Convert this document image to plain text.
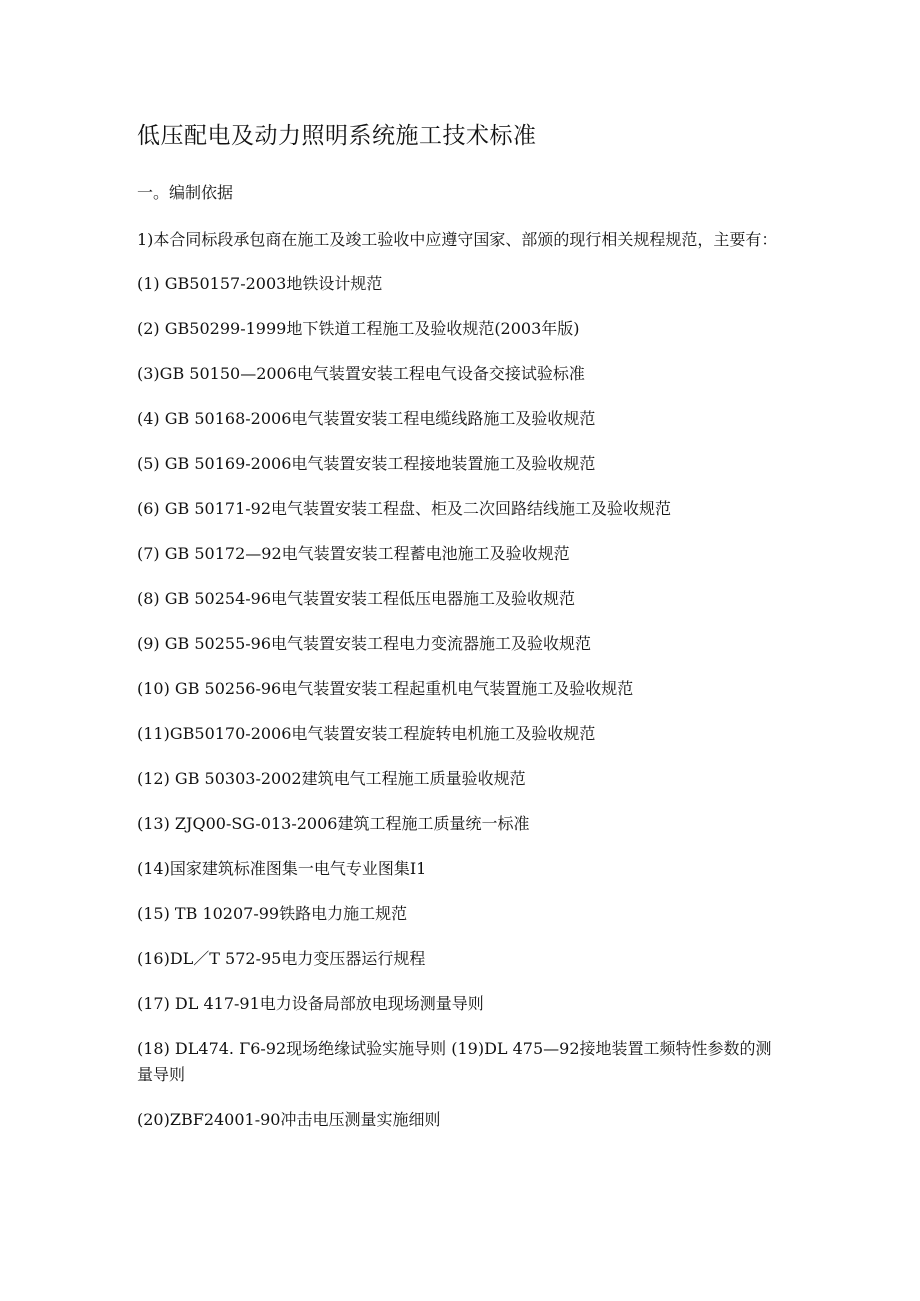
低压配电及动力照明系统施工技术标准
一。编制依据

1)本合同标段承包商在施工及竣工验收中应遵守国家、部颁的现行相关规程规范，主要有：

(1) GB50157-2003地铁设计规范
(2) GB50299-1999地下铁道工程施工及验收规范(2003年版)
(3)GB 50150—2006电气装置安装工程电气设备交接试验标准
(4) GB 50168-2006电气装置安装工程电缆线路施工及验收规范
(5) GB 50169-2006电气装置安装工程接地装置施工及验收规范
(6) GB 50171-92电气装置安装工程盘、柜及二次回路结线施工及验收规范
(7) GB 50172—92电气装置安装工程蓄电池施工及验收规范
(8) GB 50254-96电气装置安装工程低压电器施工及验收规范
(9) GB 50255-96电气装置安装工程电力变流器施工及验收规范
(10) GB 50256-96电气装置安装工程起重机电气装置施工及验收规范
(11)GB50170-2006电气装置安装工程旋转电机施工及验收规范
(12) GB 50303-2002建筑电气工程施工质量验收规范
(13) ZJQ00-SG-013-2006建筑工程施工质量统一标准
(14)国家建筑标准图集一电气专业图集I1
(15) TB 10207-99铁路电力施工规范
(16)DL／T 572-95电力变压器运行规程
(17) DL 417-91电力设备局部放电现场测量导则
(18) DL474. Γ6-92现场绝缘试验实施导则 (19)DL 475—92接地装置工频特性参数的测量导则
(20)ZBF24001-90冲击电压测量实施细则
